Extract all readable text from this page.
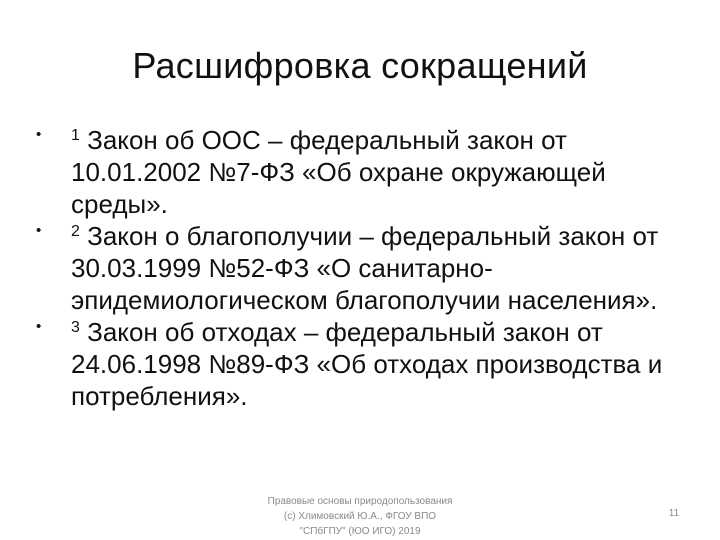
Расшифровка сокращений
• $^1$ Закон об ООС – федеральный закон от 10.01.2002 №7-ФЗ «Об охране окружающей среды».
• $^2$ Закон о благополучии – федеральный закон от 30.03.1999 №52-ФЗ «О санитарно-эпидемиологическом благополучии населения».
• $^3$ Закон об отходах – федеральный закон от 24.06.1998 №89-ФЗ «Об отходах производства и потребления».
Правовые основы природопользования
(с) Хлимовский Ю.А., ФГОУ ВПО
"СПбГПУ" (ЮО ИГО) 2019
11
